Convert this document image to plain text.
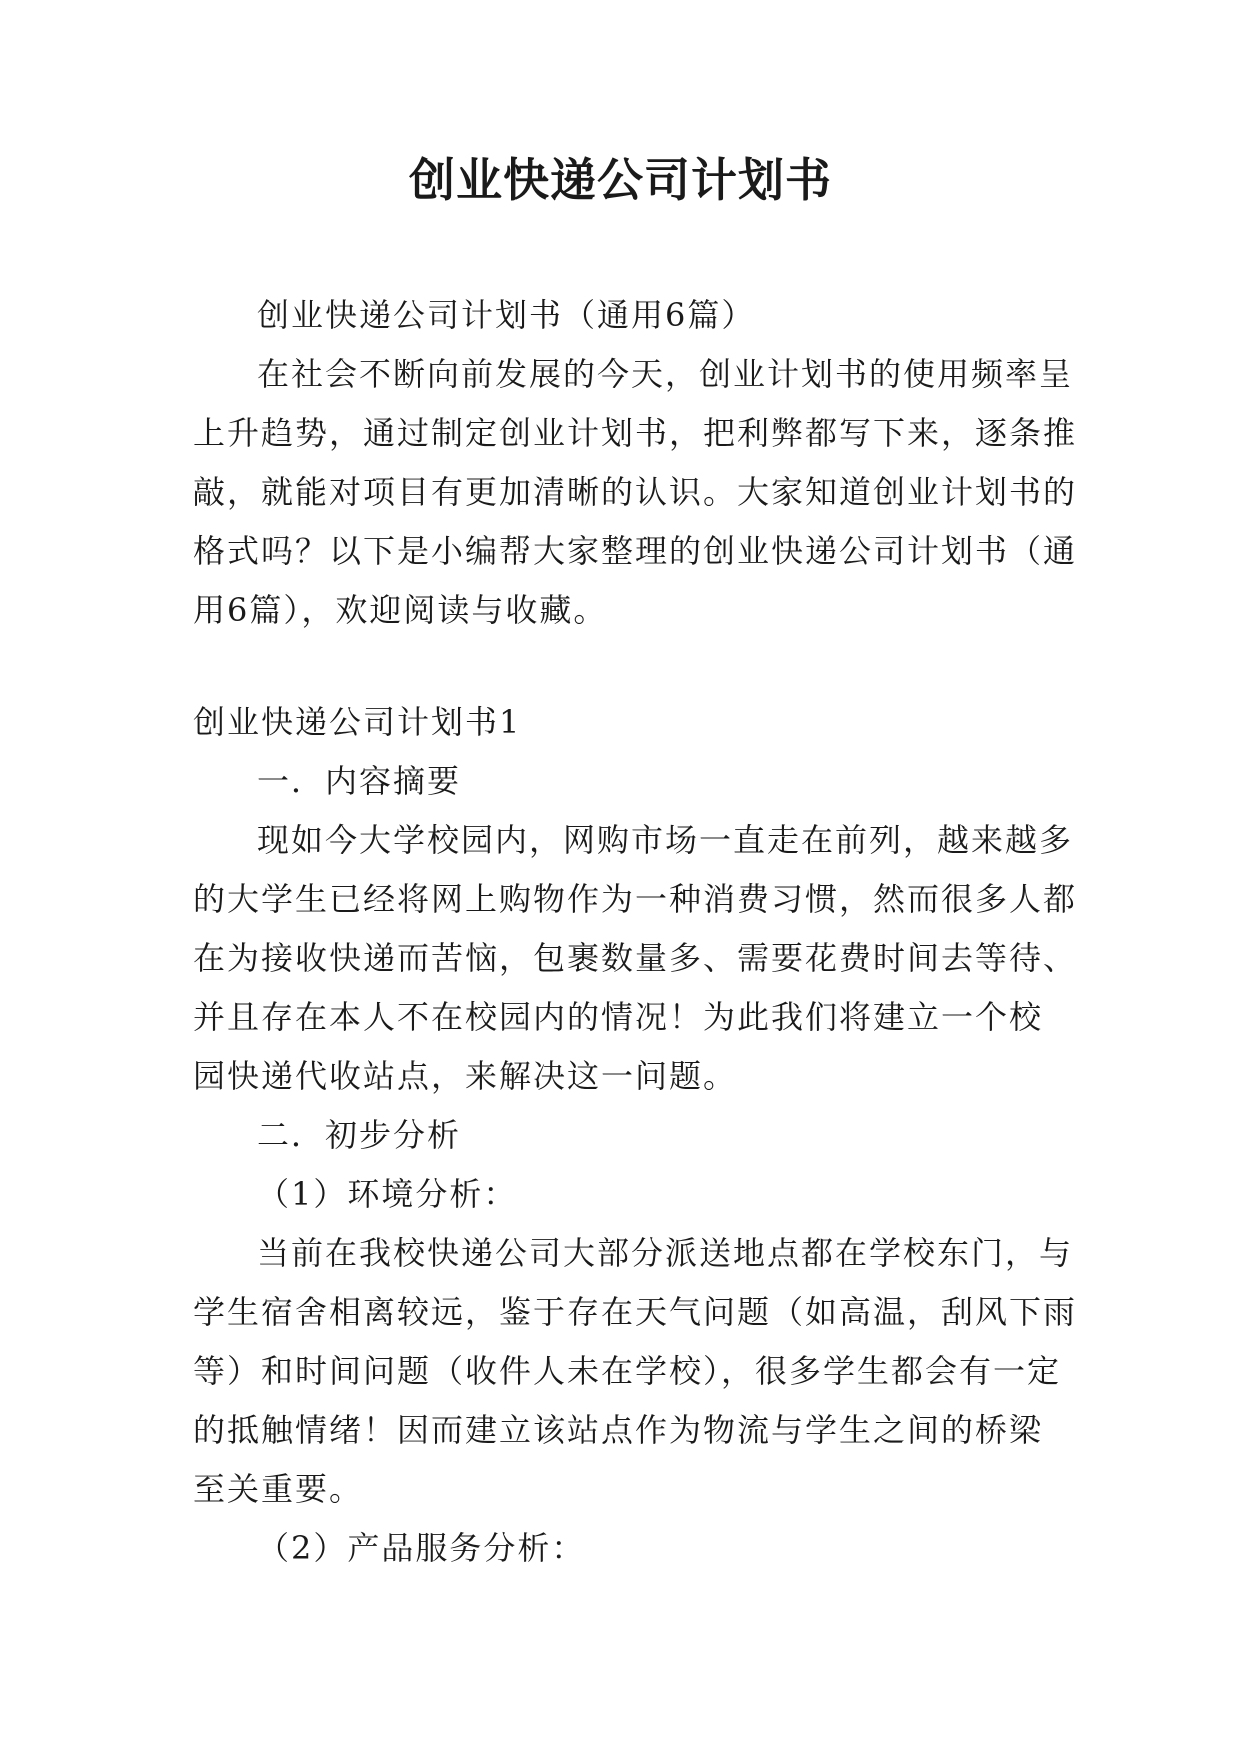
创业快递公司计划书

创业快递公司计划书（通用6篇）

在社会不断向前发展的今天，创业计划书的使用频率呈

上升趋势，通过制定创业计划书，把利弊都写下来，逐条推

敲，就能对项目有更加清晰的认识。大家知道创业计划书的

格式吗？以下是小编帮大家整理的创业快递公司计划书（通

用6篇），欢迎阅读与收藏。

创业快递公司计划书1

一．内容摘要

现如今大学校园内，网购市场一直走在前列，越来越多

的大学生已经将网上购物作为一种消费习惯，然而很多人都

在为接收快递而苦恼，包裹数量多、需要花费时间去等待、

并且存在本人不在校园内的情况！为此我们将建立一个校

园快递代收站点，来解决这一问题。

二．初步分析

（1）环境分析：

当前在我校快递公司大部分派送地点都在学校东门，与

学生宿舍相离较远，鉴于存在天气问题（如高温，刮风下雨

等）和时间问题（收件人未在学校），很多学生都会有一定

的抵触情绪！因而建立该站点作为物流与学生之间的桥梁

至关重要。

（2）产品服务分析：
